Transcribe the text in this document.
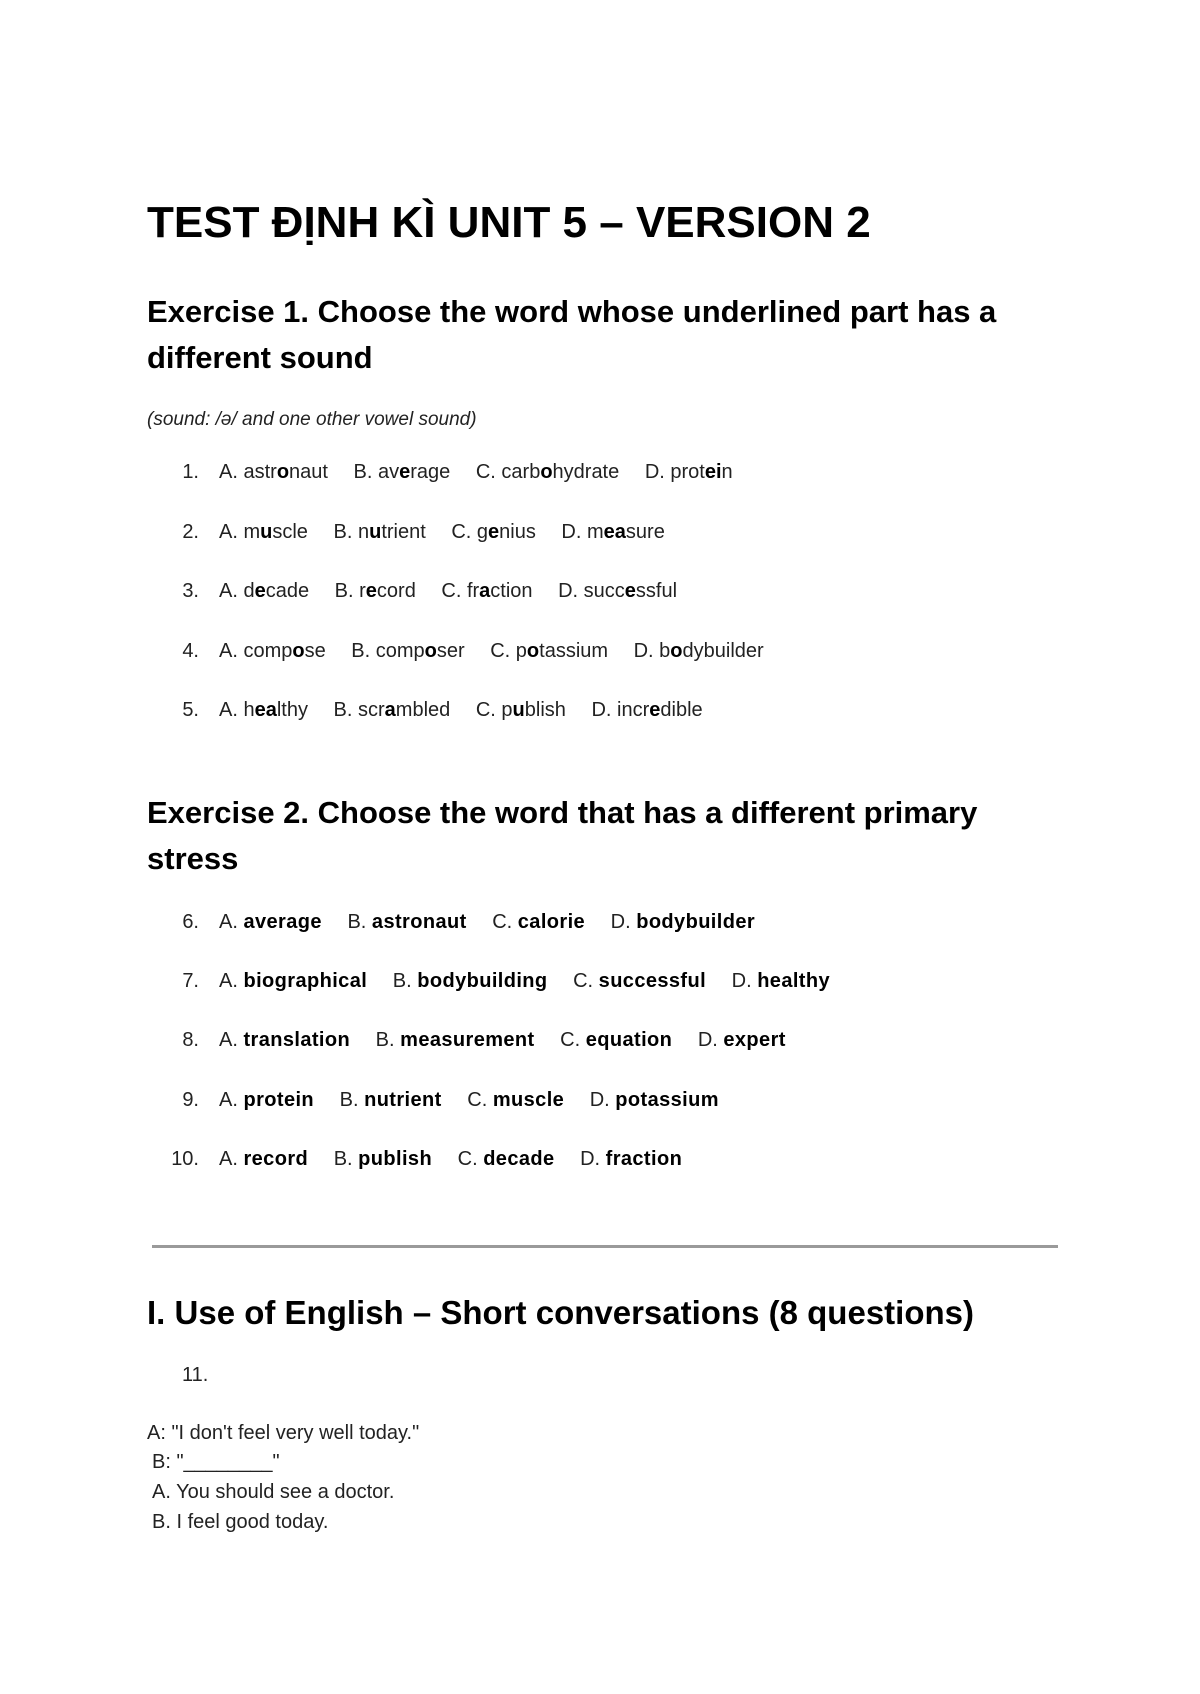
TEST ĐỊNH KÌ UNIT 5 – VERSION 2
Exercise 1. Choose the word whose underlined part has a different sound
(sound: /ə/ and one other vowel sound)
1. A. astronaut B. average C. carbohydrate D. protein
2. A. muscle B. nutrient C. genius D. measure
3. A. decade B. record C. fraction D. successful
4. A. compose B. composer C. potassium D. bodybuilder
5. A. healthy B. scrambled C. publish D. incredible
Exercise 2. Choose the word that has a different primary stress
6. A. average B. astronaut C. calorie D. bodybuilder
7. A. biographical B. bodybuilding C. successful D. healthy
8. A. translation B. measurement C. equation D. expert
9. A. protein B. nutrient C. muscle D. potassium
10. A. record B. publish C. decade D. fraction
I. Use of English – Short conversations (8 questions)
11.
A: "I don't feel very well today."
B: "________"
A. You should see a doctor.
B. I feel good today.
